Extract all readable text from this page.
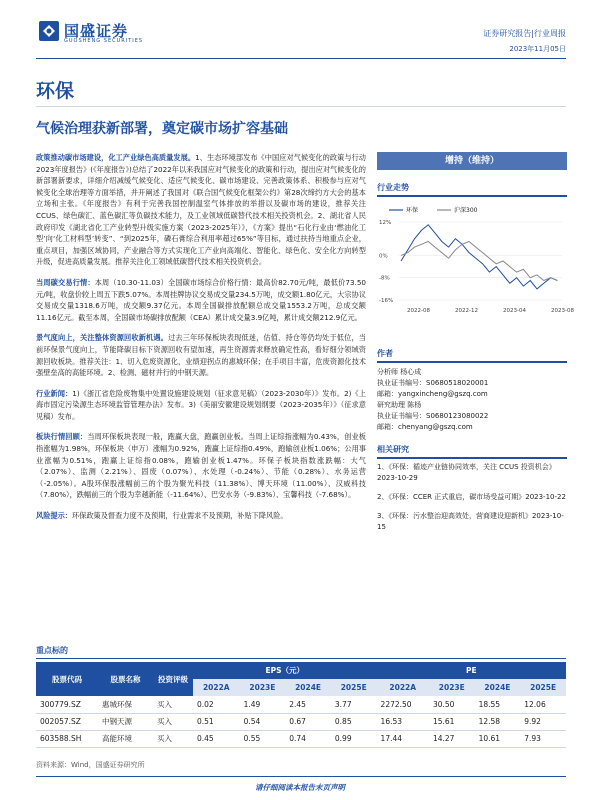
国盛证券
GUOSHENG SECURITIES
证券研究报告|行业周报
2023年11月05日
环保
气候治理获新部署，奠定碳市场扩容基础

政策推动碳市场建设，化工产业绿色高质量发展。1、生态环境部发布《中国应对气候变化的政策与行动2023年度报告》(《年度报告》)总结了2022年以来我国应对气候变化的政策和行动，提出应对气候变化的新部署新要求，详细介绍减缓气候变化、适应气候变化、碳市场建设、完善政策体系、积极参与应对气候变化全球治理等方面举措，并开阐述了我国对《联合国气候变化框架公约》第28次缔约方大会的基本立场和主张。《年度报告》有利于完善我国控制温室气体排放的举措以及碳市场的建设，推荐关注CCUS、绿色碳汇、蓝色碳汇等负碳技术能力，及工业领域低碳替代技术相关投资机会。2、湖北省人民政府印发《湖北省化工产业转型升级实施方案（2023-2025年）》，《方案》提出“石化行业由‘燃油化工型’向‘化工材料型’转变”、“到2025年，磷石膏综合利用率超过65%”等目标，通过扶持当地重点企业，重点项目，加强区域协同，产业融合等方式实现化工产业向高端化、智能化、绿色化、安全化方向转型升级，促进高质量发展。推荐关注化工领域低碳替代技术相关投资机会。

当周碳交易行情：本周（10.30-11.03）全国碳市场综合价格行情：最高价82.70元/吨，最低价73.50元/吨，收盘价较上周五下跌5.07%。本周挂牌协议交易成交量234.5万吨，成交额1.80亿元，大宗协议交易成交量1318.6万吨，成交额9.37亿元。本周全国碳排放配额总成交量1553.2万吨，总成交额11.16亿元。截至本周，全国碳市场碳排放配额（CEA）累计成交量3.9亿吨，累计成交额212.9亿元。

景气度向上，关注整体资源回收新机遇。过去三年环保板块表现低迷，估值、持仓等仍均处于低位，当前环保景气度向上，节能降碳目标下资源回收有望加速，再生资源需求释放确定性高，看好细分领域资源回收板块。推荐关注：1、切入危废资源化，业绩迎拐点的惠城环保；在手项目丰富，危废资源化技术强壁垒高的高能环境。2、检测、磁材并行的中钢天源。

行业新闻：1)《浙江省危险废物集中处置设施建设规划（征求意见稿）（2023-2030年）》发布。2)《上海市固定污染源生态环境监管管理办法》发布。3)《美丽安徽建设规划纲要（2023-2035年）》（征求意见稿）发布。

板块行情回顾：当周环保板块表现一般，跑赢大盘，跑赢创业板。当周上证综指涨幅为0.43%，创业板指涨幅为1.98%，环保板块（申万）涨幅为0.92%，跑赢上证综指0.49%，跑输创业板1.06%；公用事业涨幅为0.51%，跑赢上证综指0.08%，跑输创业板1.47%。环保子板块指数涨跌幅：大气（2.07%）、监测（2.21%）、固废（0.07%）、水处理（-0.24%）、节能（0.28%）、水务运营（-2.05%）。A股环保股涨幅前三的个股为聚光科技（11.38%）、博天环境（11.00%）、汉威科技（7.80%），跌幅前三的个股为幸越新能（-11.64%）、巴安水务（-9.83%）、宝馨科技（-7.68%）。

风险提示：环保政策及督查力度不及预期，行业需求不及预期，补贴下降风险。

增持（维持）
行业走势
环保	沪深300
12%
0%
-8%
-16%
2022-08	2022-12	2023-04	2023-08
作者
分析师 杨心成
执业证书编号：S0680518020001
邮箱：yangxincheng@gszq.com
研究助理 陈杨
执业证书编号：S0680123080022
邮箱：chenyang@gszq.com
相关研究
1、《环保：循迹产业链协同效率，关注 CCUS 投资机会》2023-10-29
2、《环保：CCER 正式重启，碳市场受益可期》2023-10-22
3、《环保：污水整治迎高效处，营商建设迎新机》2023-10-15
重点标的
股票代码	股票名称	投资评级	EPS（元）				PE			
			2022A	2023E	2024E	2025E	2022A	2023E	2024E	2025E
300779.SZ	惠城环保	买入	0.02	1.49	2.45	3.77	2272.50	30.50	18.55	12.06
002057.SZ	中钢天源	买入	0.51	0.54	0.67	0.85	16.53	15.61	12.58	9.92
603588.SH	高能环境	买入	0.45	0.55	0.74	0.99	17.44	14.27	10.61	7.93
资料来源：Wind，国盛证券研究所
请仔细阅读本报告末页声明
